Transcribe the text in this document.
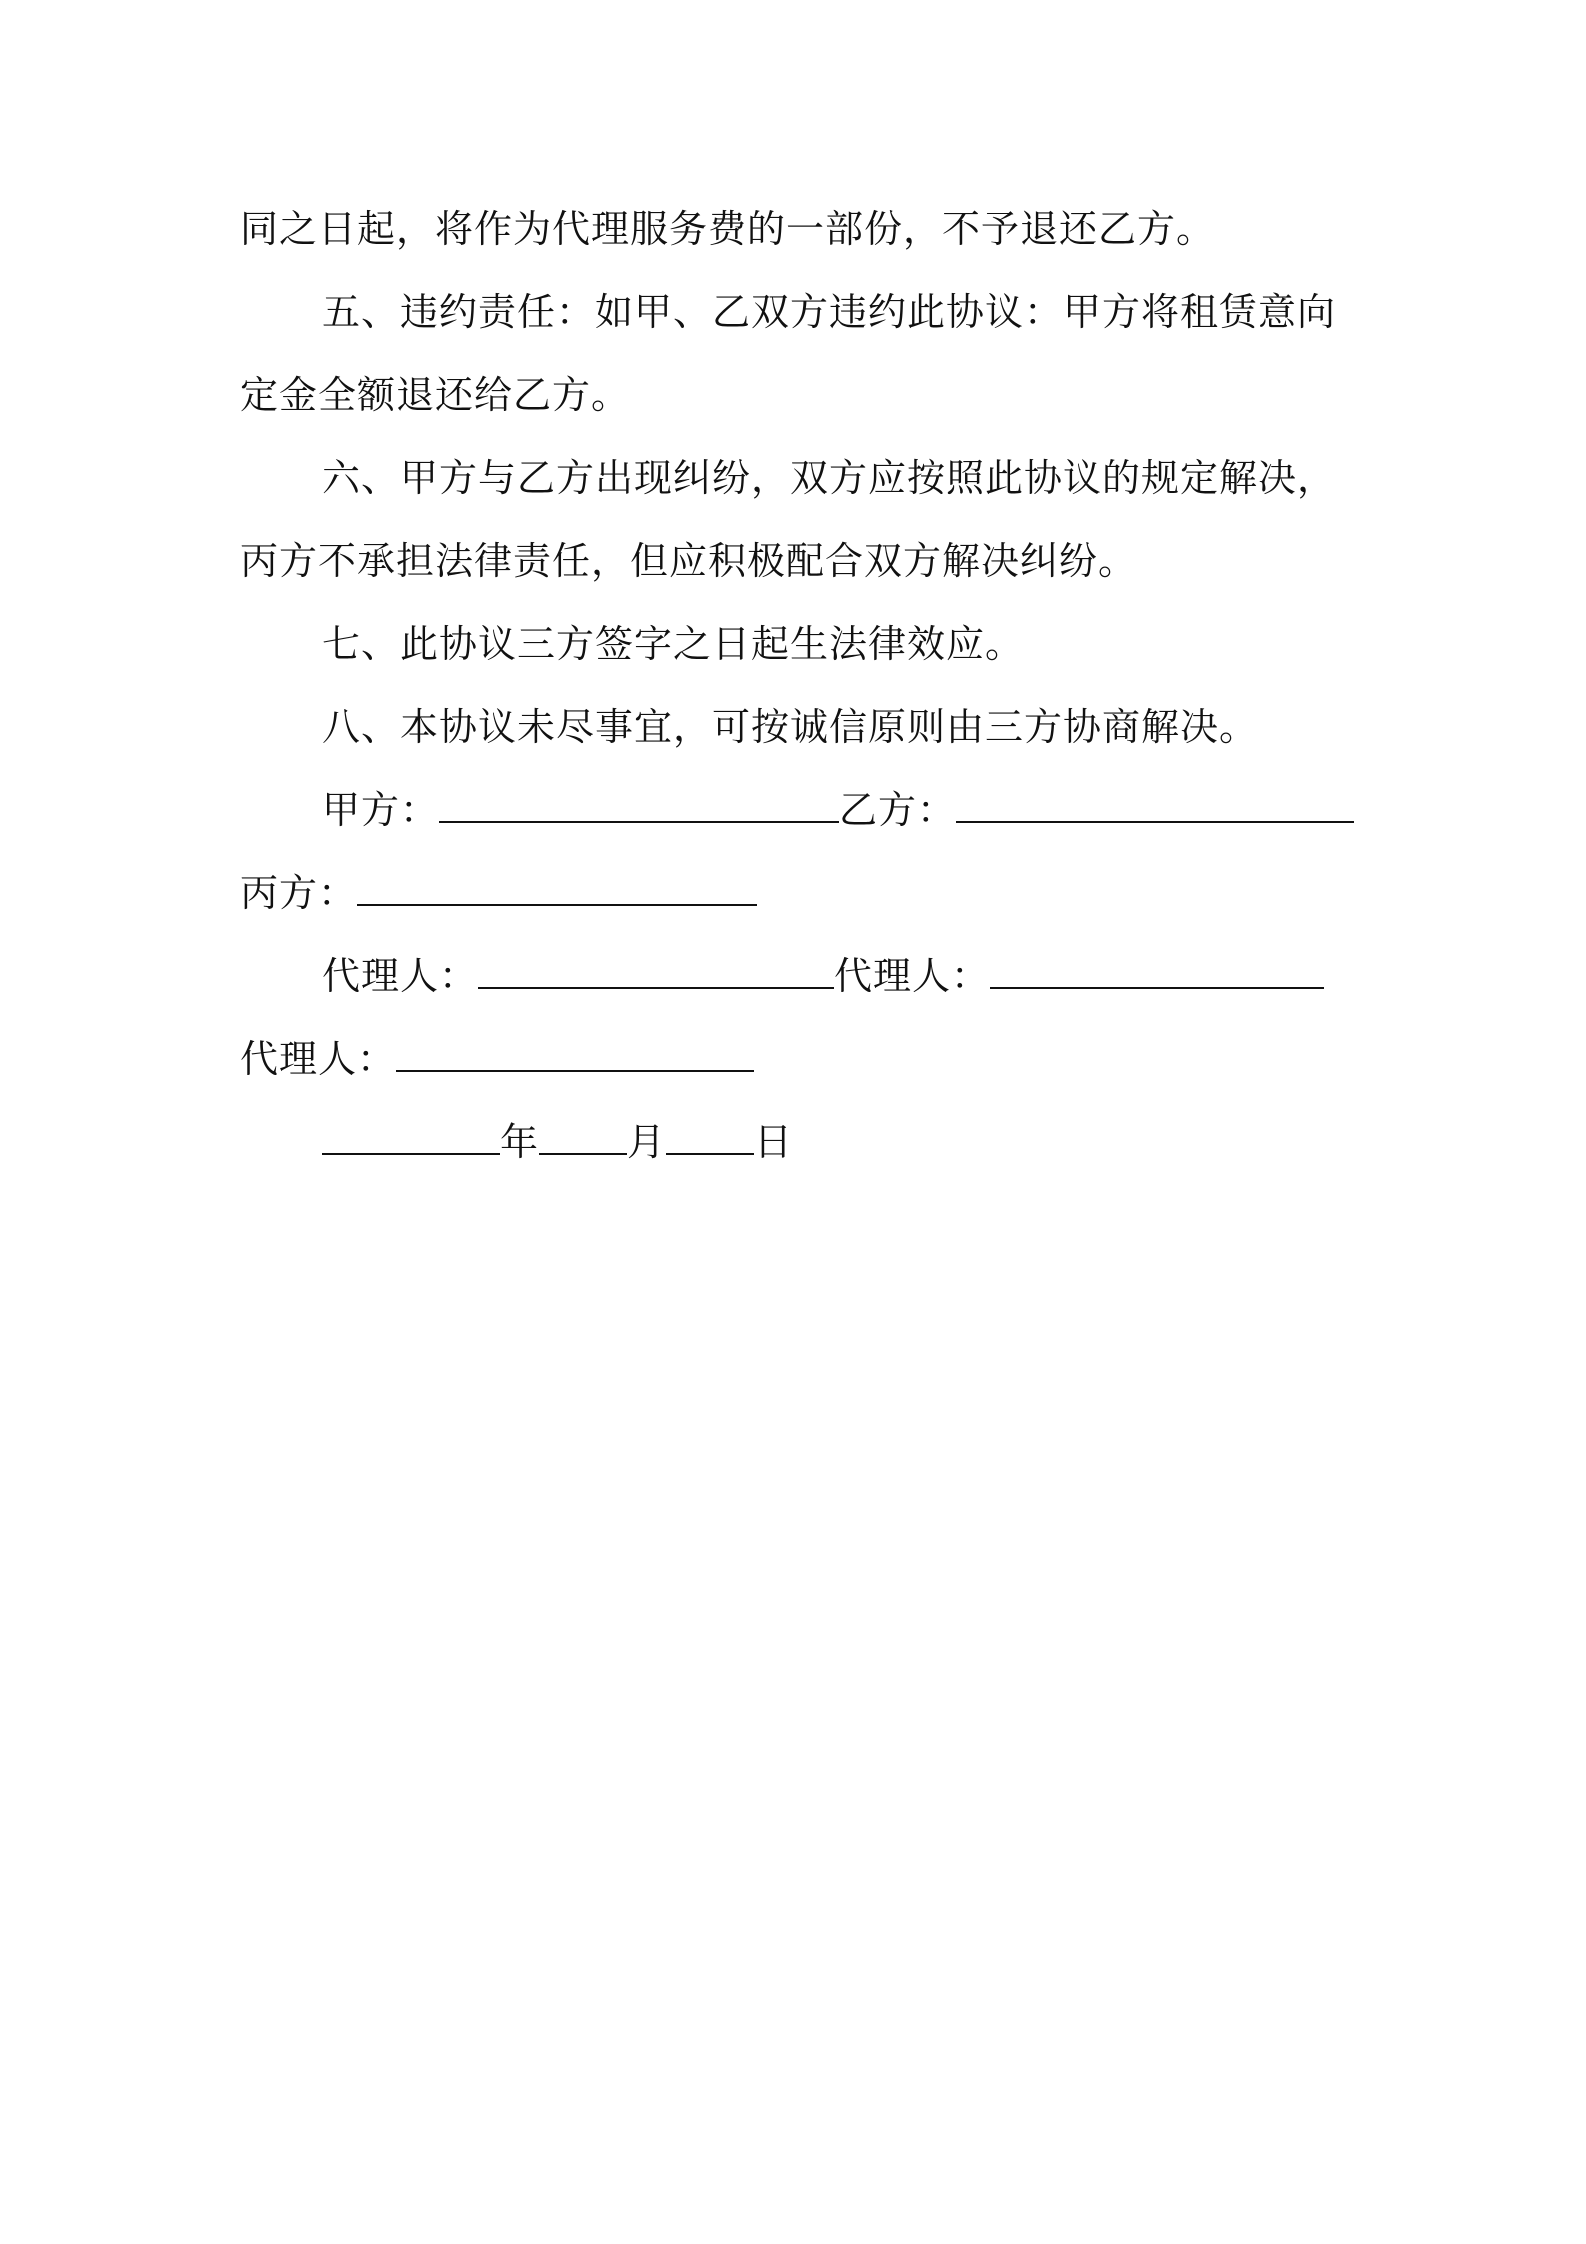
同之日起，将作为代理服务费的一部份，不予退还乙方。
五、违约责任：如甲、乙双方违约此协议：甲方将租赁意向
定金全额退还给乙方。
六、甲方与乙方出现纠纷，双方应按照此协议的规定解决，
丙方不承担法律责任，但应积极配合双方解决纠纷。
七、此协议三方签字之日起生法律效应。
八、本协议未尽事宜，可按诚信原则由三方协商解决。
甲方：	乙方：
丙方：
代理人：	代理人：
代理人：
年 月 日
